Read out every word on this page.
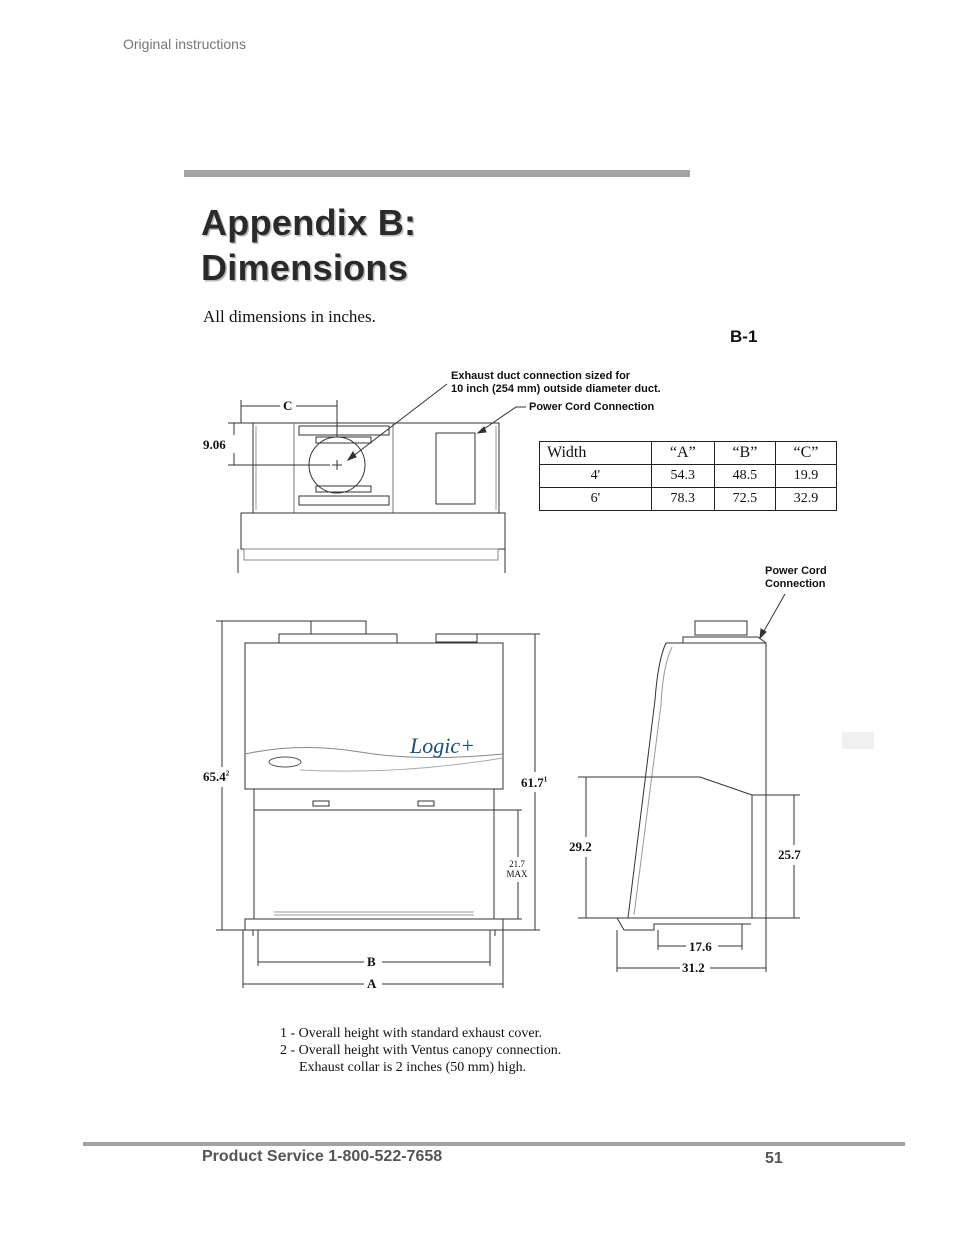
Original instructions
Appendix B:
Dimensions
All dimensions in inches.
B-1
Exhaust duct connection sized for
10 inch (254 mm) outside diameter duct.
Power Cord Connection
Power Cord
Connection
C
9.06
65.4$^2$
61.7$^1$
21.7
MAX
B
A
Logic+
29.2
25.7
17.6
31.2
Width	“A”	“B”	“C”
4'	54.3	48.5	19.9
6'	78.3	72.5	32.9
1 - Overall height with standard exhaust cover.
2 - Overall height with Ventus canopy connection.
Exhaust collar is 2 inches (50 mm) high.
Product Service 1-800-522-7658	51
